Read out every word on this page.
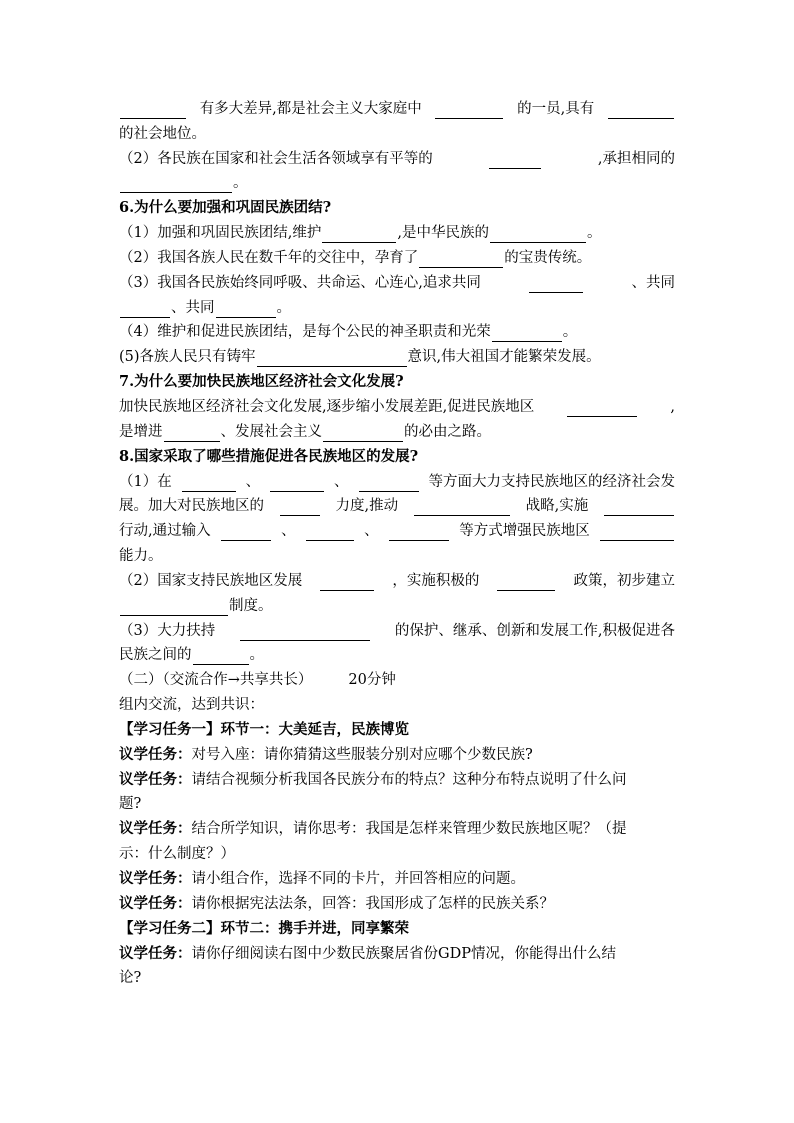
有多大差异,都是社会主义大家庭中	的一员,具有
的社会地位。
（2）各民族在国家和社会生活各领域享有平等的	,承担相同的
。
6.为什么要加强和巩固民族团结?
（1）加强和巩固民族团结,维护	,是中华民族的	。
（2）我国各族人民在数千年的交往中，孕育了	的宝贵传统。
（3）我国各民族始终同呼吸、共命运、心连心,追求共同	、共同
、共同	。
（4）维护和促进民族团结，是每个公民的神圣职责和光荣	。
(5)各族人民只有铸牢	意识,伟大祖国才能繁荣发展。
7.为什么要加快民族地区经济社会文化发展?
加快民族地区经济社会文化发展,逐步缩小发展差距,促进民族地区	,
是增进	、发展社会主义	的必由之路。
8.国家采取了哪些措施促进各民族地区的发展?
（1）在	、	、	等方面大力支持民族地区的经济社会发
展。加大对民族地区的	力度,推动	战略,实施
行动,通过输入	、	、	等方式增强民族地区
能力。
（2）国家支持民族地区发展	，实施积极的	政策，初步建立
制度。
（3）大力扶持	的保护、继承、创新和发展工作,积极促进各
民族之间的	。
（二）（交流合作→共享共长） 20分钟
组内交流，达到共识：
【学习任务一】环节一：大美延吉，民族博览
议学任务： 对号入座：请你猜猜这些服装分别对应哪个少数民族?
议学任务： 请结合视频分析我国各民族分布的特点？这种分布特点说明了什么问
题?
议学任务： 结合所学知识，请你思考：我国是怎样来管理少数民族地区呢？（提
示：什么制度？）
议学任务： 请小组合作，选择不同的卡片，并回答相应的问题。
议学任务： 请你根据宪法法条，回答：我国形成了怎样的民族关系？
【学习任务二】环节二：携手并进，同享繁荣
议学任务： 请你仔细阅读右图中少数民族聚居省份GDP情况，你能得出什么结
论?
